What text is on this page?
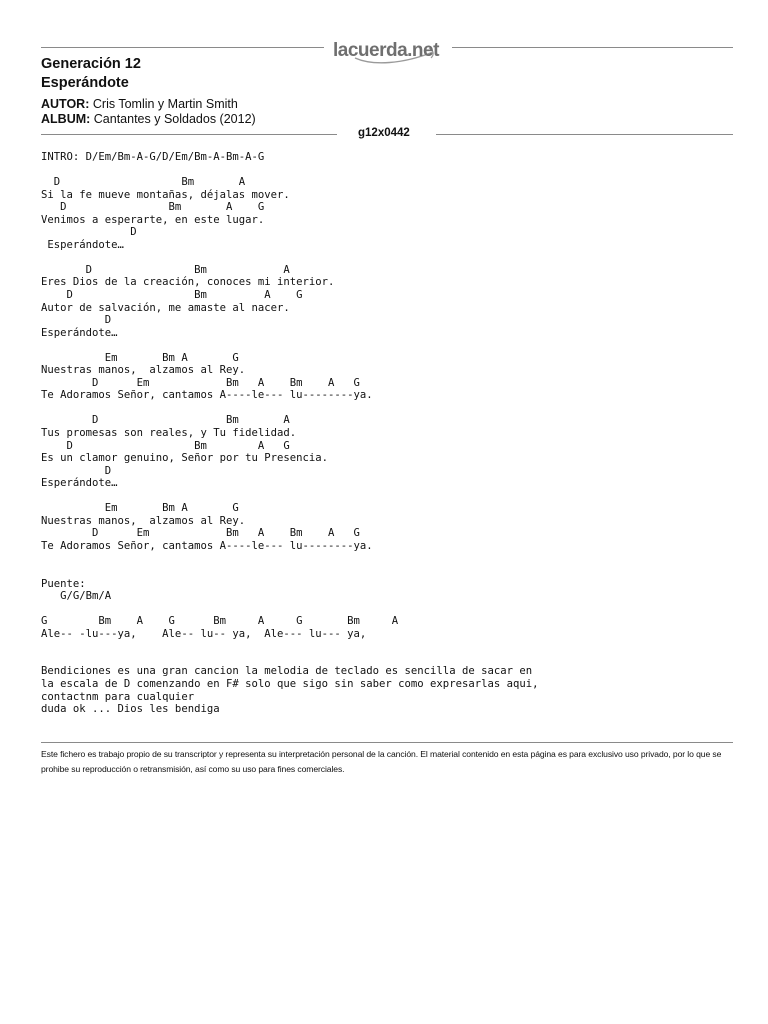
lacuerda.net
Generación 12
Esperándote
AUTOR: Cris Tomlin y Martin Smith
ALBUM: Cantantes y Soldados (2012)
g12x0442
INTRO: D/Em/Bm-A-G/D/Em/Bm-A-Bm-A-G

D                   Bm       A
Si la fe mueve montañas, déjalas mover.
D                Bm       A    G
Venimos a esperarte, en este lugar.
D
Esperándote…

D                Bm            A
Eres Dios de la creación, conoces mi interior.
D                   Bm         A    G
Autor de salvación, me amaste al nacer.
D
Esperándote…

Em       Bm A       G
Nuestras manos,  alzamos al Rey.
D      Em            Bm   A    Bm    A   G
Te Adoramos Señor, cantamos A----le--- lu--------ya.

D                    Bm       A
Tus promesas son reales, y Tu fidelidad.
D                   Bm        A   G
Es un clamor genuino, Señor por tu Presencia.
D
Esperándote…

Em       Bm A       G
Nuestras manos,  alzamos al Rey.
D      Em            Bm   A    Bm    A   G
Te Adoramos Señor, cantamos A----le--- lu--------ya.

Puente:
G/G/Bm/A

G        Bm    A    G      Bm     A     G       Bm     A
Ale-- -lu---ya,    Ale-- lu-- ya,  Ale--- lu--- ya,

Bendiciones es una gran cancion la melodia de teclado es sencilla de sacar en
la escala de D comenzando en F# solo que sigo sin saber como expresarlas aqui,
contactnm para cualquier
duda ok ... Dios les bendiga
Este fichero es trabajo propio de su transcriptor y representa su interpretación personal de la canción. El material contenido en esta página es para exclusivo uso privado, por lo que se prohibe su reproducción o retransmisión, así como su uso para fines comerciales.
